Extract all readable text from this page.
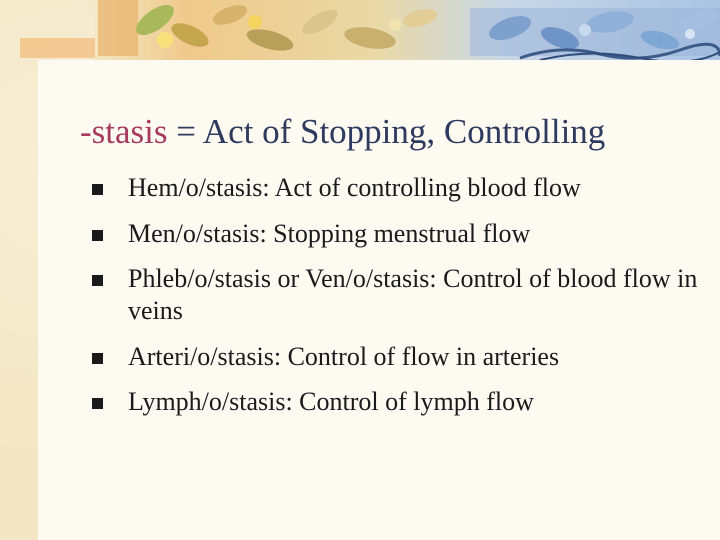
-stasis = Act of Stopping, Controlling
Hem/o/stasis: Act of controlling blood flow
Men/o/stasis: Stopping menstrual flow
Phleb/o/stasis or Ven/o/stasis: Control of blood flow in veins
Arteri/o/stasis: Control of flow in arteries
Lymph/o/stasis: Control of lymph flow
